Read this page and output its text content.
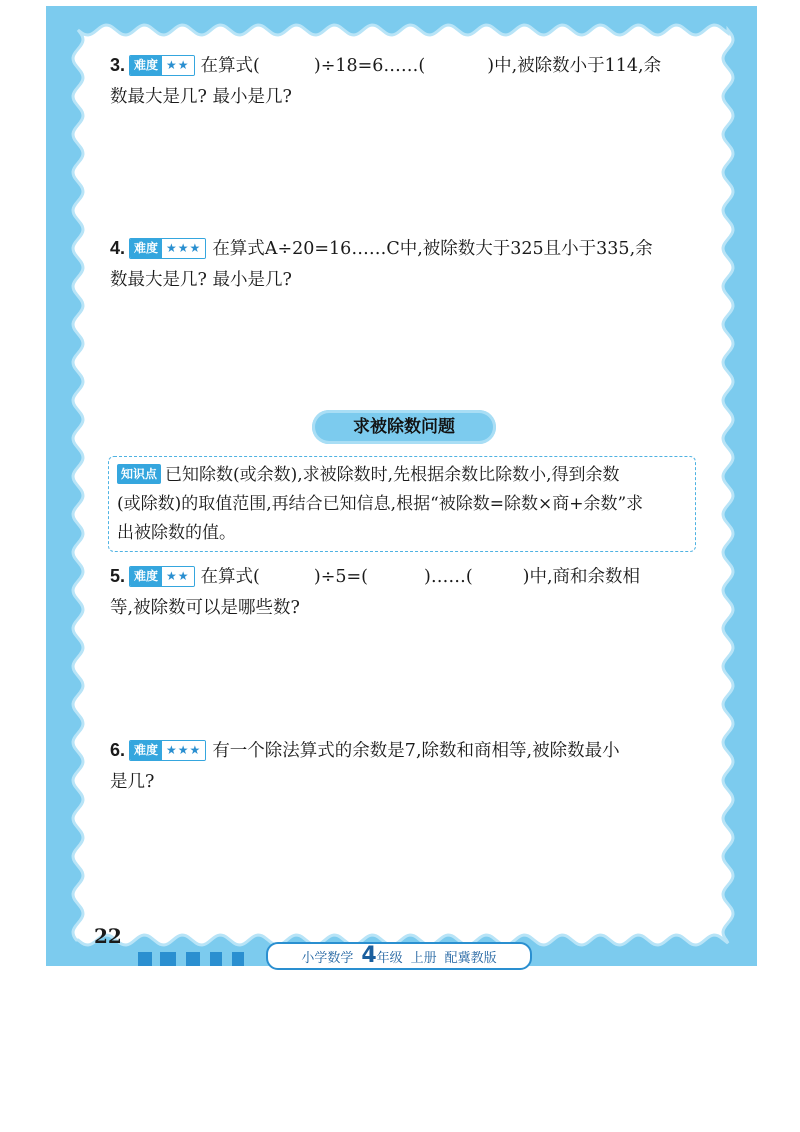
3. 难度 ★★ 在算式(	)÷18=6……(	)中,被除数小于114,余
数最大是几? 最小是几?
4. 难度 ★★★ 在算式A÷20=16……C中,被除数大于325且小于335,余
数最大是几? 最小是几?
求被除数问题
知识点 已知除数(或余数),求被除数时,先根据余数比除数小,得到余数
(或除数)的取值范围,再结合已知信息,根据“被除数=除数×商+余数”求
出被除数的值。
5. 难度 ★★ 在算式(	)÷5=(	)……(	)中,商和余数相
等,被除数可以是哪些数?
6. 难度 ★★★ 有一个除法算式的余数是7,除数和商相等,被除数最小
是几?
22
小学数学 4年级 上册 配冀教版
